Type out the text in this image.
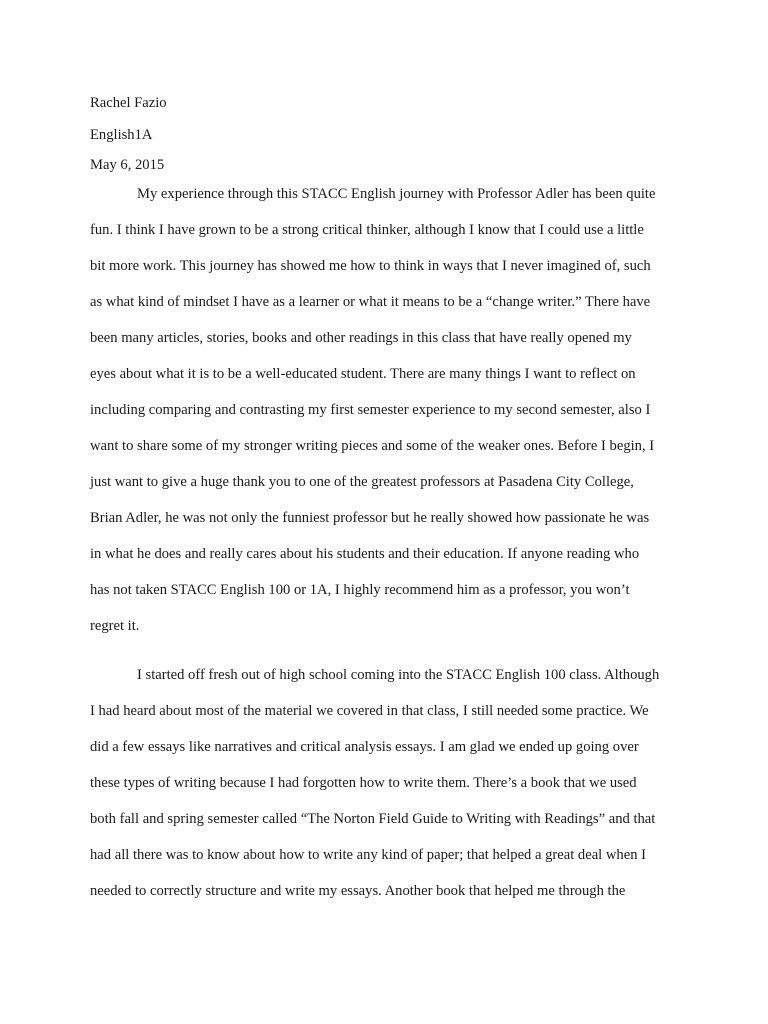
Rachel Fazio
English1A
May 6, 2015
My experience through this STACC English journey with Professor Adler has been quite
fun. I think I have grown to be a strong critical thinker, although I know that I could use a little
bit more work. This journey has showed me how to think in ways that I never imagined of, such
as what kind of mindset I have as a learner or what it means to be a “change writer.” There have
been many articles, stories, books and other readings in this class that have really opened my
eyes about what it is to be a well-educated student. There are many things I want to reflect on
including comparing and contrasting my first semester experience to my second semester, also I
want to share some of my stronger writing pieces and some of the weaker ones. Before I begin, I
just want to give a huge thank you to one of the greatest professors at Pasadena City College,
Brian Adler, he was not only the funniest professor but he really showed how passionate he was
in what he does and really cares about his students and their education. If anyone reading who
has not taken STACC English 100 or 1A, I highly recommend him as a professor, you won’t
regret it.
I started off fresh out of high school coming into the STACC English 100 class. Although
I had heard about most of the material we covered in that class, I still needed some practice. We
did a few essays like narratives and critical analysis essays. I am glad we ended up going over
these types of writing because I had forgotten how to write them. There’s a book that we used
both fall and spring semester called “The Norton Field Guide to Writing with Readings” and that
had all there was to know about how to write any kind of paper; that helped a great deal when I
needed to correctly structure and write my essays. Another book that helped me through the
